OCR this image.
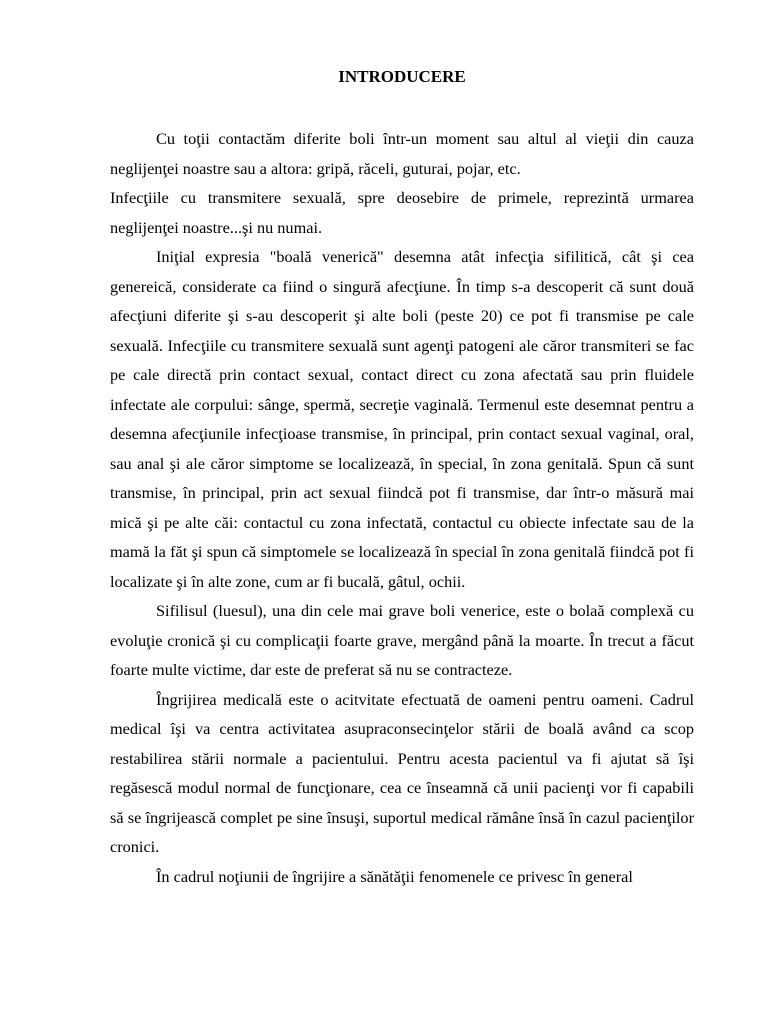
INTRODUCERE

Cu toţii contactăm diferite boli într-un moment sau altul al vieţii din cauza neglijenţei noastre sau a altora: gripă, răceli, guturai, pojar, etc.

Infecţiile cu transmitere sexuală, spre deosebire de primele, reprezintă urmarea neglijenţei noastre...şi nu numai.

Iniţial expresia "boală venerică" desemna atât infecţia sifilitică, cât şi cea genereică, considerate ca fiind o singură afecţiune. În timp s-a descoperit că sunt două afecţiuni diferite şi s-au descoperit şi alte boli (peste 20) ce pot fi transmise pe cale sexuală. Infecţiile cu transmitere sexuală sunt agenţi patogeni ale căror transmiteri se fac pe cale directă prin contact sexual, contact direct cu zona afectată sau prin fluidele infectate ale corpului: sânge, spermă, secreţie vaginală. Termenul este desemnat pentru a desemna afecţiunile infecţioase transmise, în principal, prin contact sexual vaginal, oral, sau anal şi ale căror simptome se localizează, în special, în zona genitală. Spun că sunt transmise, în principal, prin act sexual fiindcă pot fi transmise, dar într-o măsură mai mică şi pe alte căi: contactul cu zona infectată, contactul cu obiecte infectate sau de la mamă la făt şi spun că simptomele se localizează în special în zona genitală fiindcă pot fi localizate şi în alte zone, cum ar fi bucală, gâtul, ochii.

Sifilisul (luesul), una din cele mai grave boli venerice, este o bolaă complexă cu evoluţie cronică şi cu complicaţii foarte grave, mergând până la moarte. În trecut a făcut foarte multe victime, dar este de preferat să nu se contracteze.

Îngrijirea medicală este o acitvitate efectuată de oameni pentru oameni. Cadrul medical îşi va centra activitatea asupraconsecinţelor stării de boală având ca scop restabilirea stării normale a pacientului. Pentru acesta pacientul va fi ajutat să îşi regăsescă modul normal de funcţionare, cea ce înseamnă că unii pacienţi vor fi capabili să se îngrijească complet pe sine însuşi, suportul medical rămâne însă în cazul pacienţilor cronici.

În cadrul noţiunii de îngrijire a sănătăţii fenomenele ce privesc în general
